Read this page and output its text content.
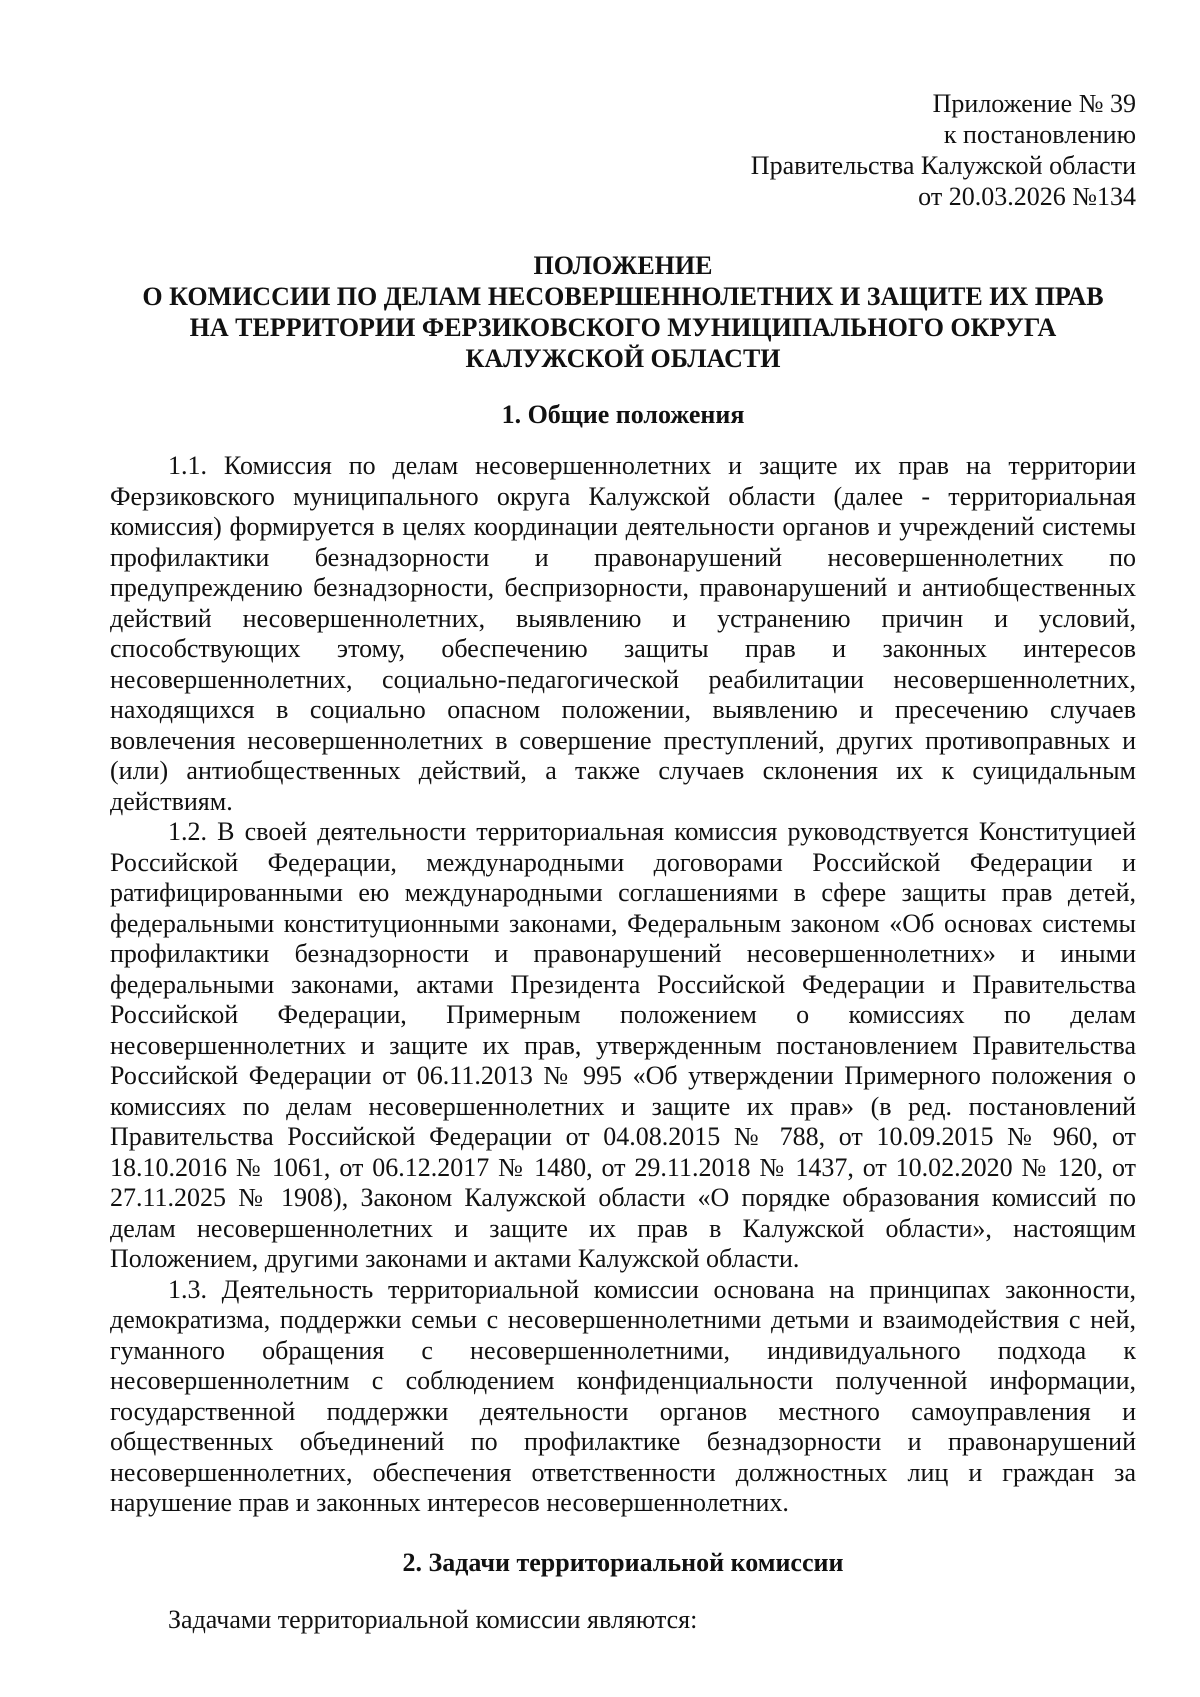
Приложение № 39
к постановлению
Правительства Калужской области
от 20.03.2026 №134
ПОЛОЖЕНИЕ
О КОМИССИИ ПО ДЕЛАМ НЕСОВЕРШЕННОЛЕТНИХ И ЗАЩИТЕ ИХ ПРАВ
НА ТЕРРИТОРИИ ФЕРЗИКОВСКОГО МУНИЦИПАЛЬНОГО ОКРУГА
КАЛУЖСКОЙ ОБЛАСТИ
1. Общие положения

1.1. Комиссия по делам несовершеннолетних и защите их прав на территории Ферзиковского муниципального округа Калужской области (далее - территориальная комиссия) формируется в целях координации деятельности органов и учреждений системы профилактики безнадзорности и правонарушений несовершеннолетних по предупреждению безнадзорности, беспризорности, правонарушений и антиобщественных действий несовершеннолетних, выявлению и устранению причин и условий, способствующих этому, обеспечению защиты прав и законных интересов несовершеннолетних, социально-педагогической реабилитации несовершеннолетних, находящихся в социально опасном положении, выявлению и пресечению случаев вовлечения несовершеннолетних в совершение преступлений, других противоправных и (или) антиобщественных действий, а также случаев склонения их к суицидальным действиям.

1.2. В своей деятельности территориальная комиссия руководствуется Конституцией Российской Федерации, международными договорами Российской Федерации и ратифицированными ею международными соглашениями в сфере защиты прав детей, федеральными конституционными законами, Федеральным законом «Об основах системы профилактики безнадзорности и правонарушений несовершеннолетних» и иными федеральными законами, актами Президента Российской Федерации и Правительства Российской Федерации, Примерным положением о комиссиях по делам несовершеннолетних и защите их прав, утвержденным постановлением Правительства Российской Федерации от 06.11.2013 № 995 «Об утверждении Примерного положения о комиссиях по делам несовершеннолетних и защите их прав» (в ред. постановлений Правительства Российской Федерации от 04.08.2015 № 788, от 10.09.2015 № 960, от 18.10.2016 № 1061, от 06.12.2017 № 1480, от 29.11.2018 № 1437, от 10.02.2020 № 120, от 27.11.2025 № 1908), Законом Калужской области «О порядке образования комиссий по делам несовершеннолетних и защите их прав в Калужской области», настоящим Положением, другими законами и актами Калужской области.

1.3. Деятельность территориальной комиссии основана на принципах законности, демократизма, поддержки семьи с несовершеннолетними детьми и взаимодействия с ней, гуманного обращения с несовершеннолетними, индивидуального подхода к несовершеннолетним с соблюдением конфиденциальности полученной информации, государственной поддержки деятельности органов местного самоуправления и общественных объединений по профилактике безнадзорности и правонарушений несовершеннолетних, обеспечения ответственности должностных лиц и граждан за нарушение прав и законных интересов несовершеннолетних.

2. Задачи территориальной комиссии

Задачами территориальной комиссии являются:
